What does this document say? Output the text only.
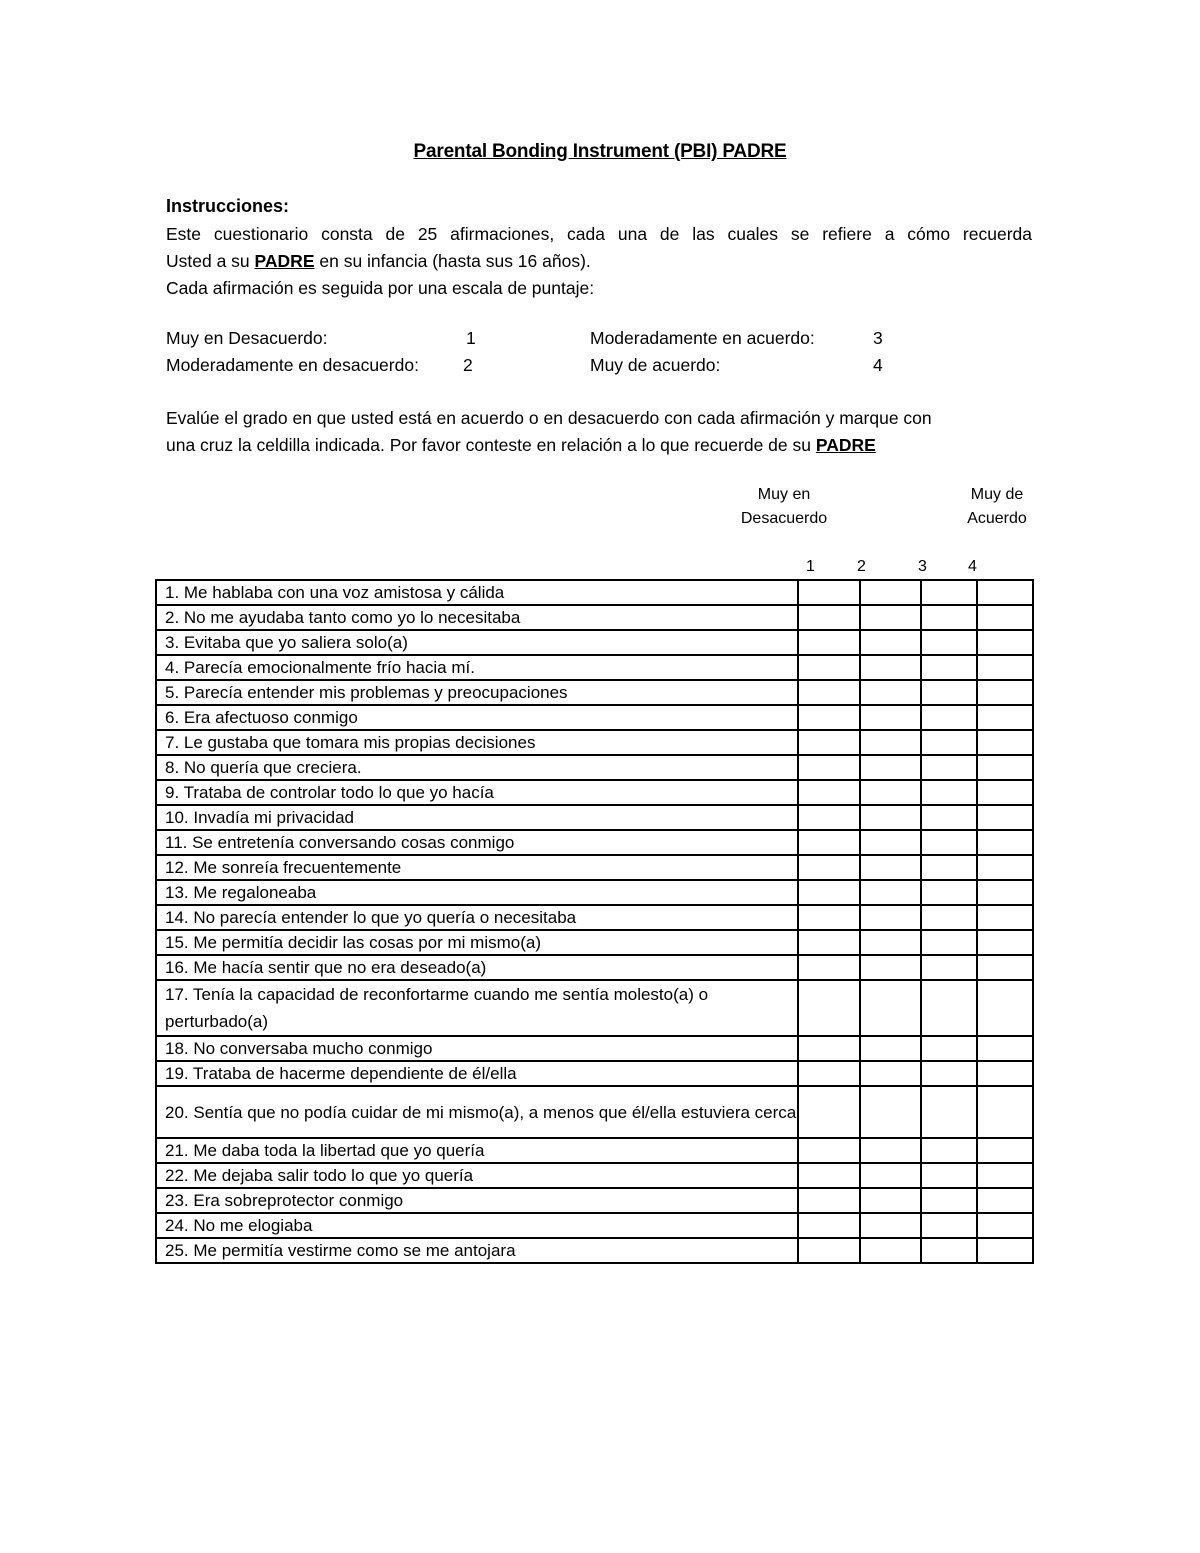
Parental Bonding Instrument (PBI) PADRE
Instrucciones:
Este cuestionario consta de 25 afirmaciones, cada una de las cuales se refiere a cómo recuerda
Usted a su PADRE en su infancia (hasta sus 16 años).
Cada afirmación es seguida por una escala de puntaje:
Muy en Desacuerdo:	1	Moderadamente en acuerdo:	3
Moderadamente en desacuerdo:	2	Muy de acuerdo:	4
Evalúe el grado en que usted está en acuerdo o en desacuerdo con cada afirmación y marque con
una cruz la celdilla indicada. Por favor conteste en relación a lo que recuerde de su PADRE
Muy en
Desacuerdo
Muy de
Acuerdo
1	2	3	4
1. Me hablaba con una voz amistosa y cálida				
2. No me ayudaba tanto como yo lo necesitaba				
3. Evitaba que yo saliera solo(a)				
4. Parecía emocionalmente frío hacia mí.				
5. Parecía entender mis problemas y preocupaciones				
6. Era afectuoso conmigo				
7. Le gustaba que tomara mis propias decisiones				
8. No quería que creciera.				
9. Trataba de controlar todo lo que yo hacía				
10. Invadía mi privacidad				
11. Se entretenía conversando cosas conmigo				
12. Me sonreía frecuentemente				
13. Me regaloneaba				
14. No parecía entender lo que yo quería o necesitaba				
15. Me permitía decidir las cosas por mi mismo(a)				
16. Me hacía sentir que no era deseado(a)				
17. Tenía la capacidad de reconfortarme cuando me sentía molesto(a) o perturbado(a)				
18. No conversaba mucho conmigo				
19. Trataba de hacerme dependiente de él/ella				
20. Sentía que no podía cuidar de mi mismo(a), a menos que él/ella estuviera cerca				
21. Me daba toda la libertad que yo quería				
22. Me dejaba salir todo lo que yo quería				
23. Era sobreprotector conmigo				
24. No me elogiaba				
25. Me permitía vestirme como se me antojara				
